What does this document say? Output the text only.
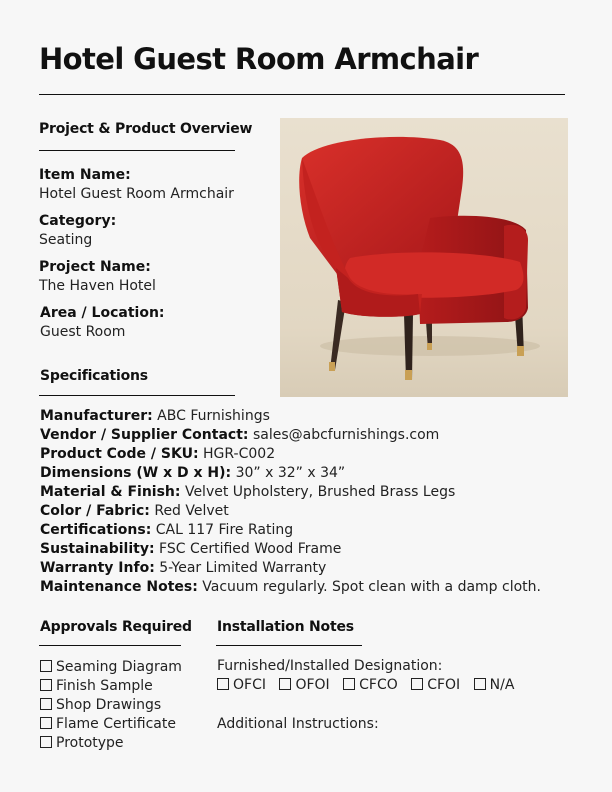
Hotel Guest Room Armchair
Project & Product Overview
Item Name:
Hotel Guest Room Armchair
Category:
Seating
Project Name:
The Haven Hotel
Area / Location:
Guest Room
Specifications
Manufacturer: ABC Furnishings
Vendor / Supplier Contact: sales@abcfurnishings.com
Product Code / SKU: HGR-C002
Dimensions (W x D x H): 30” x 32” x 34”
Material & Finish: Velvet Upholstery, Brushed Brass Legs
Color / Fabric: Red Velvet
Certifications: CAL 117 Fire Rating
Sustainability: FSC Certified Wood Frame
Warranty Info: 5-Year Limited Warranty
Maintenance Notes: Vacuum regularly. Spot clean with a damp cloth.
Approvals Required
Seaming Diagram
Finish Sample
Shop Drawings
Flame Certificate
Prototype
Installation Notes
Furnished/Installed Designation:
OFCI OFOI CFCO CFOI N/A
Additional Instructions:
